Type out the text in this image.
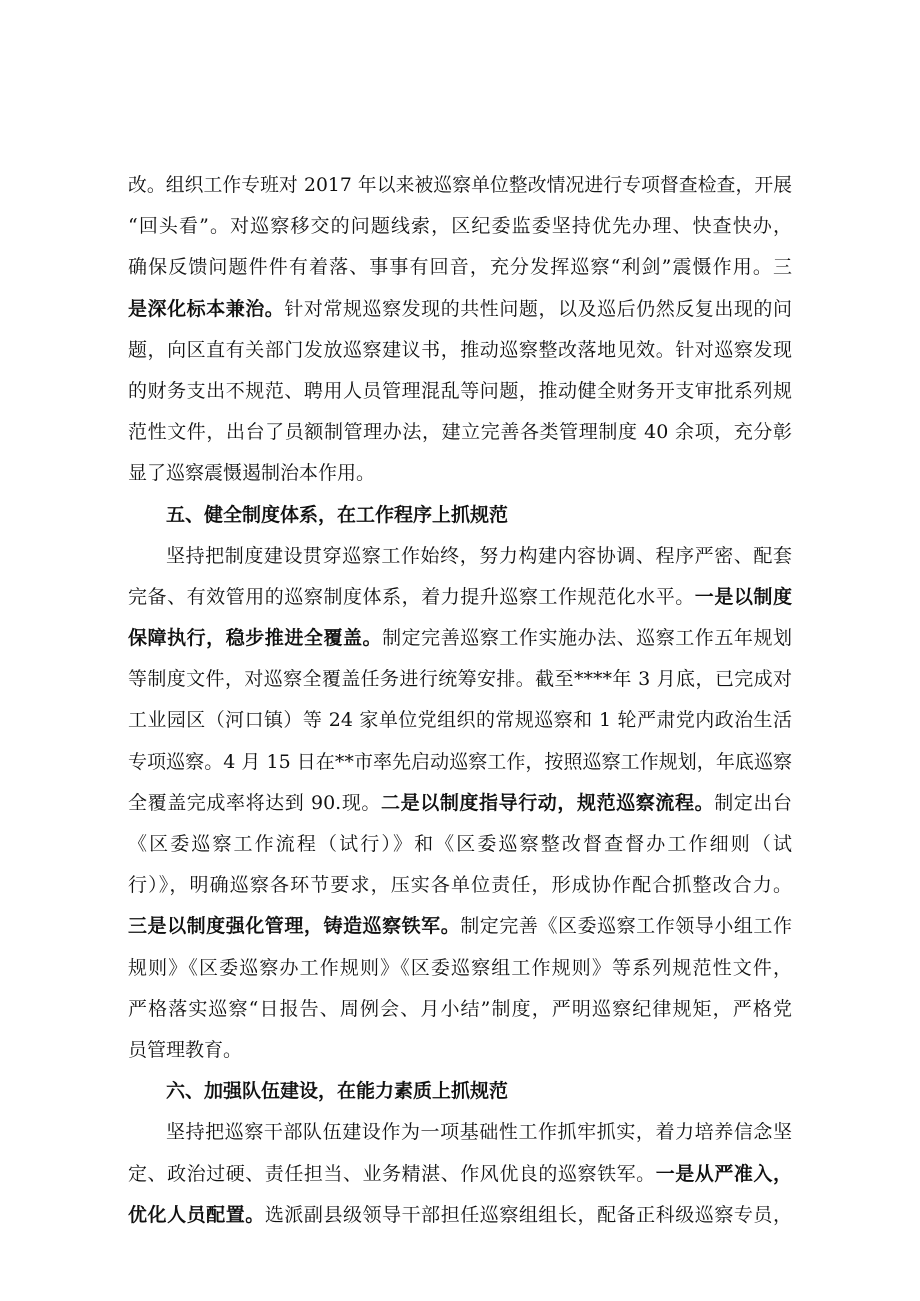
改。组织工作专班对 2017 年以来被巡察单位整改情况进行专项督查检查，开展
“回头看”。对巡察移交的问题线索，区纪委监委坚持优先办理、快查快办，
确保反馈问题件件有着落、事事有回音，充分发挥巡察“利剑”震慑作用。三
是深化标本兼治。针对常规巡察发现的共性问题，以及巡后仍然反复出现的问
题，向区直有关部门发放巡察建议书，推动巡察整改落地见效。针对巡察发现
的财务支出不规范、聘用人员管理混乱等问题，推动健全财务开支审批系列规
范性文件，出台了员额制管理办法，建立完善各类管理制度 40 余项，充分彰
显了巡察震慑遏制治本作用。
五、健全制度体系，在工作程序上抓规范
坚持把制度建设贯穿巡察工作始终，努力构建内容协调、程序严密、配套
完备、有效管用的巡察制度体系，着力提升巡察工作规范化水平。一是以制度
保障执行，稳步推进全覆盖。制定完善巡察工作实施办法、巡察工作五年规划
等制度文件，对巡察全覆盖任务进行统筹安排。截至****年 3 月底，已完成对
工业园区（河口镇）等 24 家单位党组织的常规巡察和 1 轮严肃党内政治生活
专项巡察。4 月 15 日在**市率先启动巡察工作，按照巡察工作规划，年底巡察
全覆盖完成率将达到 90.现。二是以制度指导行动，规范巡察流程。制定出台
《区委巡察工作流程（试行）》和《区委巡察整改督查督办工作细则（试
行）》，明确巡察各环节要求，压实各单位责任，形成协作配合抓整改合力。
三是以制度强化管理，铸造巡察铁军。制定完善《区委巡察工作领导小组工作
规则》《区委巡察办工作规则》《区委巡察组工作规则》等系列规范性文件，
严格落实巡察“日报告、周例会、月小结”制度，严明巡察纪律规矩，严格党
员管理教育。
六、加强队伍建设，在能力素质上抓规范
坚持把巡察干部队伍建设作为一项基础性工作抓牢抓实，着力培养信念坚
定、政治过硬、责任担当、业务精湛、作风优良的巡察铁军。一是从严准入，
优化人员配置。选派副县级领导干部担任巡察组组长，配备正科级巡察专员，
